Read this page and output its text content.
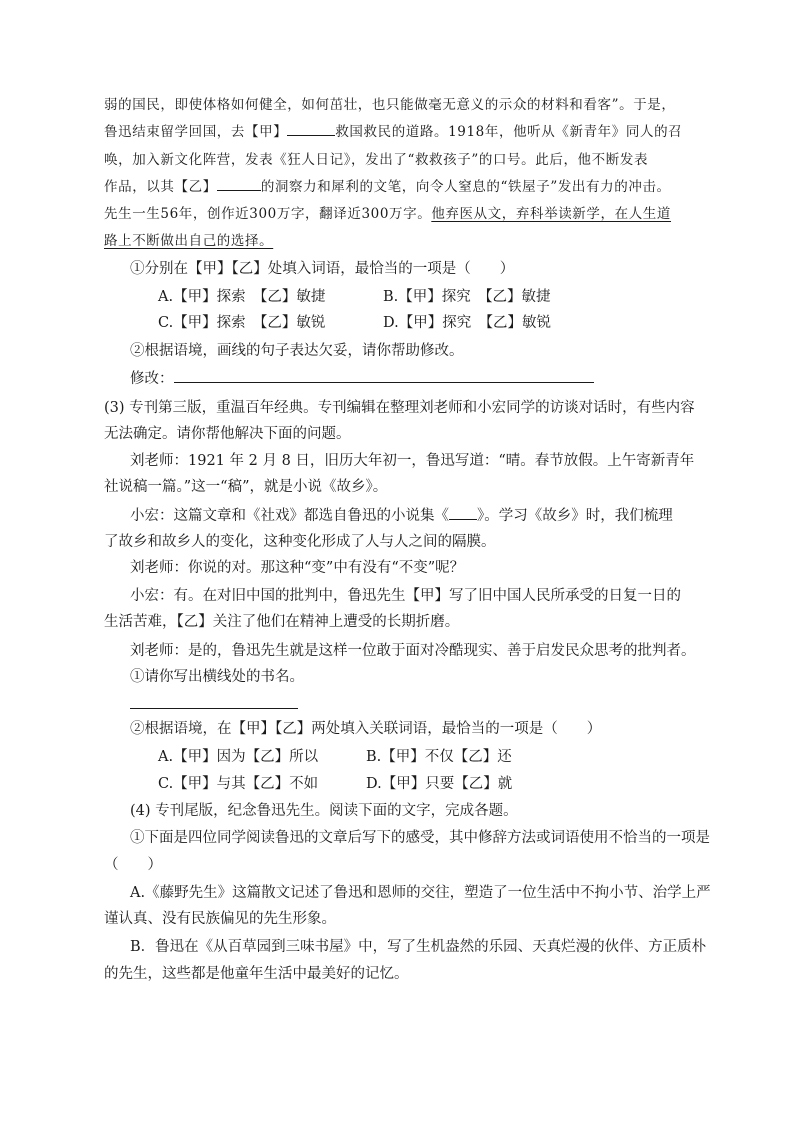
弱的国民，即使体格如何健全，如何茁壮，也只能做毫无意义的示众的材料和看客”。于是，
鲁迅结束留学回国，去【甲】	救国救民的道路。1918年，他听从《新青年》同人的召
唤，加入新文化阵营，发表《狂人日记》，发出了“救救孩子”的口号。此后，他不断发表
作品，以其【乙】	的洞察力和犀利的文笔，向令人窒息的“铁屋子”发出有力的冲击。
先生一生56年，创作近300万字，翻译近300万字。他弃医从文，弃科举读新学，在人生道
路上不断做出自己的选择。
①分别在【甲】【乙】处填入词语，最恰当的一项是（　　）
A.【甲】探索　【乙】敏捷	B.【甲】探究　【乙】敏捷
C.【甲】探索　【乙】敏锐	D.【甲】探究　【乙】敏锐
②根据语境，画线的句子表达欠妥，请你帮助修改。
修改：
(3) 专刊第三版，重温百年经典。专刊编辑在整理刘老师和小宏同学的访谈对话时，有些内容
无法确定。请你帮他解决下面的问题。
刘老师：1921 年 2 月 8 日，旧历大年初一，鲁迅写道：“晴。春节放假。上午寄新青年
社说稿一篇。”这一“稿”，就是小说《故乡》。
小宏：这篇文章和《社戏》都选自鲁迅的小说集《 》。学习《故乡》时，我们梳理
了故乡和故乡人的变化，这种变化形成了人与人之间的隔膜。
刘老师：你说的对。那这种“变”中有没有“不变”呢？
小宏：有。在对旧中国的批判中，鲁迅先生【甲】写了旧中国人民所承受的日复一日的
生活苦难，【乙】关注了他们在精神上遭受的长期折磨。
刘老师：是的，鲁迅先生就是这样一位敢于面对冷酷现实、善于启发民众思考的批判者。
①请你写出横线处的书名。
②根据语境，在【甲】【乙】两处填入关联词语，最恰当的一项是（　　）
A.【甲】因为【乙】所以	B.【甲】不仅【乙】还
C.【甲】与其【乙】不如	D.【甲】只要【乙】就
(4) 专刊尾版，纪念鲁迅先生。阅读下面的文字，完成各题。
①下面是四位同学阅读鲁迅的文章后写下的感受，其中修辞方法或词语使用不恰当的一项是
（　　）
A.《藤野先生》这篇散文记述了鲁迅和恩师的交往，塑造了一位生活中不拘小节、治学上严
谨认真、没有民族偏见的先生形象。
B．鲁迅在《从百草园到三味书屋》中，写了生机盎然的乐园、天真烂漫的伙伴、方正质朴
的先生，这些都是他童年生活中最美好的记忆。
